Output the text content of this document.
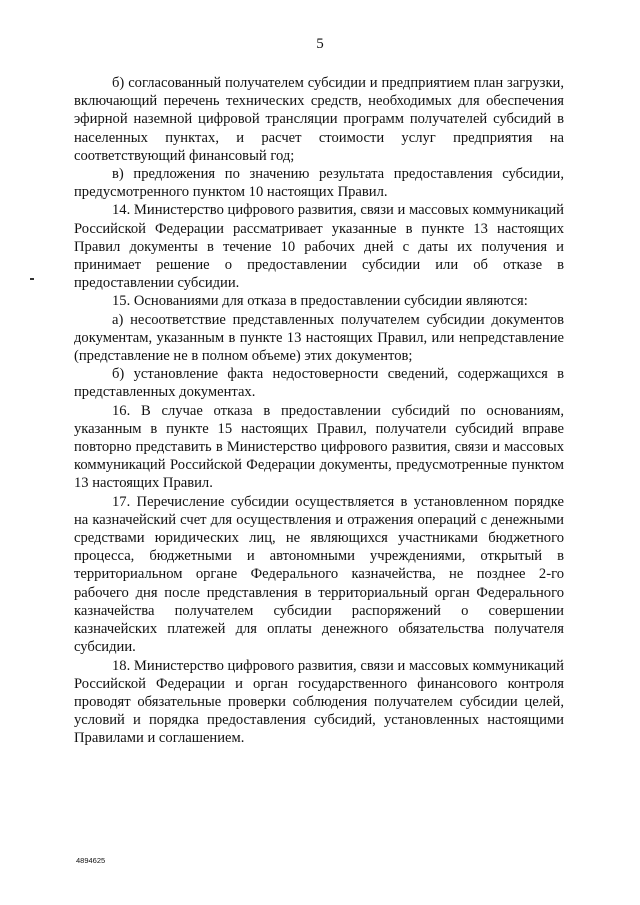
5

б) согласованный получателем субсидии и предприятием план загрузки, включающий перечень технических средств, необходимых для обеспечения эфирной наземной цифровой трансляции программ получателей субсидий в населенных пунктах, и расчет стоимости услуг предприятия на соответствующий финансовый год;

в) предложения по значению результата предоставления субсидии, предусмотренного пунктом 10 настоящих Правил.

14. Министерство цифрового развития, связи и массовых коммуникаций Российской Федерации рассматривает указанные в пункте 13 настоящих Правил документы в течение 10 рабочих дней с даты их получения и принимает решение о предоставлении субсидии или об отказе в предоставлении субсидии.

15. Основаниями для отказа в предоставлении субсидии являются:

а) несоответствие представленных получателем субсидии документов документам, указанным в пункте 13 настоящих Правил, или непредставление (представление не в полном объеме) этих документов;

б) установление факта недостоверности сведений, содержащихся в представленных документах.

16. В случае отказа в предоставлении субсидий по основаниям, указанным в пункте 15 настоящих Правил, получатели субсидий вправе повторно представить в Министерство цифрового развития, связи и массовых коммуникаций Российской Федерации документы, предусмотренные пунктом 13 настоящих Правил.

17. Перечисление субсидии осуществляется в установленном порядке на казначейский счет для осуществления и отражения операций с денежными средствами юридических лиц, не являющихся участниками бюджетного процесса, бюджетными и автономными учреждениями, открытый в территориальном органе Федерального казначейства, не позднее 2-го рабочего дня после представления в территориальный орган Федерального казначейства получателем субсидии распоряжений о совершении казначейских платежей для оплаты денежного обязательства получателя субсидии.

18. Министерство цифрового развития, связи и массовых коммуникаций Российской Федерации и орган государственного финансового контроля проводят обязательные проверки соблюдения получателем субсидии целей, условий и порядка предоставления субсидий, установленных настоящими Правилами и соглашением.

4894625
